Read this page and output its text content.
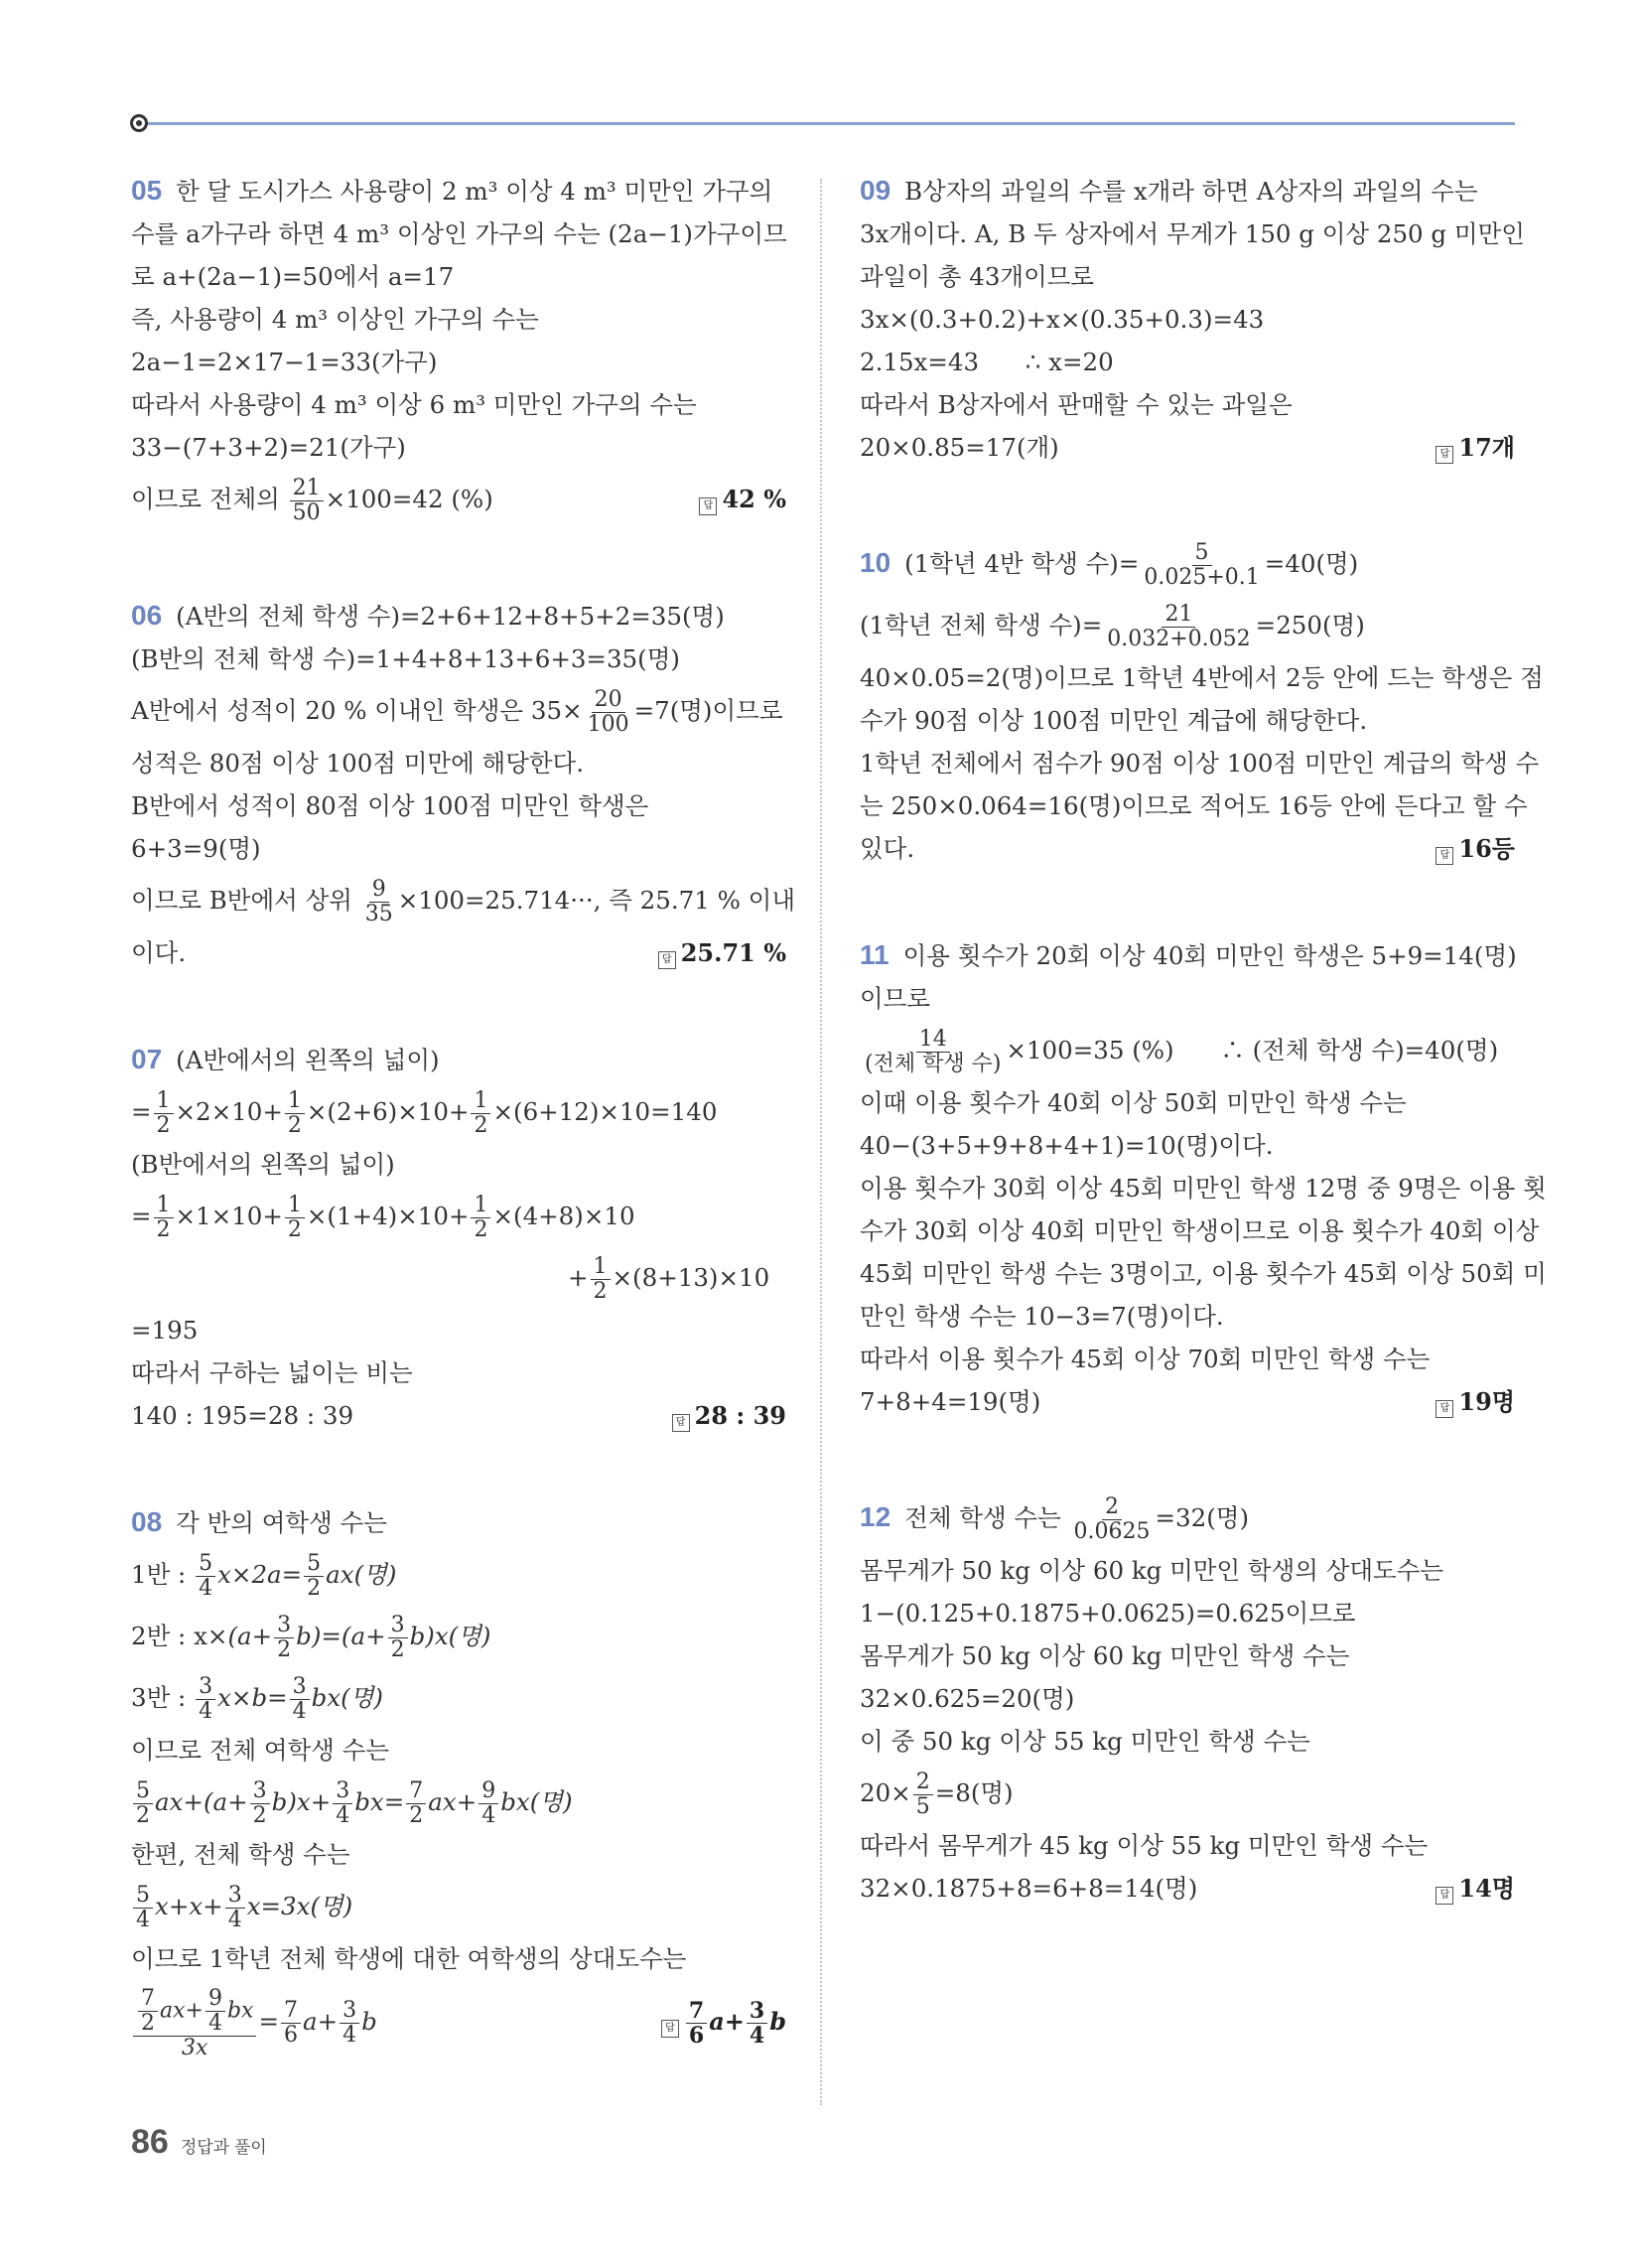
05 한 달 도시가스 사용량이 2 m³ 이상 4 m³ 미만인 가구의
수를 a가구라 하면 4 m³ 이상인 가구의 수는 (2a−1)가구이므
로 a+(2a−1)=50에서 a=17
즉, 사용량이 4 m³ 이상인 가구의 수는
2a−1=2×17−1=33(가구)
따라서 사용량이 4 m³ 이상 6 m³ 미만인 가구의 수는
33−(7+3+2)=21(가구)
이므로 전체의 $\frac{21}{50} \times 100=42$ (%)	답 42 %
06 (A반의 전체 학생 수)=2+6+12+8+5+2=35(명)
(B반의 전체 학생 수)=1+4+8+13+6+3=35(명)
A반에서 성적이 20 % 이내인 학생은 $35\times \frac{20}{100} =7$(명)이므로
성적은 80점 이상 100점 미만에 해당한다.
B반에서 성적이 80점 이상 100점 미만인 학생은
6+3=9(명)
이므로 B반에서 상위 $\frac{9}{35} \times 100=25.714\cdot\cdot\cdot$, 즉 25.71 % 이내
이다.	답 25.71 %
07 (A반에서의 왼쪽의 넓이)
= $\frac{1}{2} \times 2\times 10+ \frac{1}{2} \times(2+6)\times 10+ \frac{1}{2} \times(6+12)\times 10=140$
(B반에서의 왼쪽의 넓이)
= $\frac{1}{2} \times 1\times 10+ \frac{1}{2} \times(1+4)\times 10+ \frac{1}{2} \times(4+8)\times 10$
+ $\frac{1}{2} \times(8+13)\times 10$
=195
따라서 구하는 넓이는 비는
140 : 195=28 : 39	답 28 : 39
08 각 반의 여학생 수는
1반 : $\frac{5}{4} x\times 2a= \frac{5}{2} ax$(명)
2반 : $x\times(a+ \frac{3}{2} b)=(a+ \frac{3}{2} b)x$(명)
3반 : $\frac{3}{4} x\times b= \frac{3}{4} bx$(명)
이므로 전체 여학생 수는
$\frac{5}{2} ax+(a+ \frac{3}{2} b)x+ \frac{3}{4} bx= \frac{7}{2} ax+ \frac{9}{4} bx$(명)
한편, 전체 학생 수는
$\frac{5}{4} x+x+ \frac{3}{4} x=3x$(명)
이므로 1학년 전체 학생에 대한 여학생의 상대도수는
$\frac{\frac{7}{2} ax+ \frac{9}{4} bx}{3x} = \frac{7}{6} a+ \frac{3}{4}$ b	답 $\frac{7}{6} a+ \frac{3}{4}$ b
09 B상자의 과일의 수를 x개라 하면 A상자의 과일의 수는
3x개이다. A, B 두 상자에서 무게가 150 g 이상 250 g 미만인
과일이 총 43개이므로
3x×(0.3+0.2)+x×(0.35+0.3)=43
2.15x=43      ∴ x=20
따라서 B상자에서 판매할 수 있는 과일은
20×0.85=17(개)	답 17개
10 (1학년 4반 학생 수)= $\frac{5}{0.025+0.1} =40$(명)
(1학년 전체 학생 수)= $\frac{21}{0.032+0.052} =250$(명)
40×0.05=2(명)이므로 1학년 4반에서 2등 안에 드는 학생은 점
수가 90점 이상 100점 미만인 계급에 해당한다.
1학년 전체에서 점수가 90점 이상 100점 미만인 계급의 학생 수
는 250×0.064=16(명)이므로 적어도 16등 안에 든다고 할 수
있다.	답 16등
11 이용 횟수가 20회 이상 40회 미만인 학생은 5+9=14(명)
이므로
$\frac{14}{\text{(전체 학생 수)}} \times 100=35$ (%)      ∴ (전체 학생 수)=40(명)
이때 이용 횟수가 40회 이상 50회 미만인 학생 수는
40−(3+5+9+8+4+1)=10(명)이다.
이용 횟수가 30회 이상 45회 미만인 학생 12명 중 9명은 이용 횟
수가 30회 이상 40회 미만인 학생이므로 이용 횟수가 40회 이상
45회 미만인 학생 수는 3명이고, 이용 횟수가 45회 이상 50회 미
만인 학생 수는 10−3=7(명)이다.
따라서 이용 횟수가 45회 이상 70회 미만인 학생 수는
7+8+4=19(명)	답 19명
12 전체 학생 수는 $\frac{2}{0.0625} =32$(명)
몸무게가 50 kg 이상 60 kg 미만인 학생의 상대도수는
1−(0.125+0.1875+0.0625)=0.625이므로
몸무게가 50 kg 이상 60 kg 미만인 학생 수는
32×0.625=20(명)
이 중 50 kg 이상 55 kg 미만인 학생 수는
$20\times \frac{2}{5} =8$(명)
따라서 몸무게가 45 kg 이상 55 kg 미만인 학생 수는
32×0.1875+8=6+8=14(명)	답 14명
86 정답과 풀이
